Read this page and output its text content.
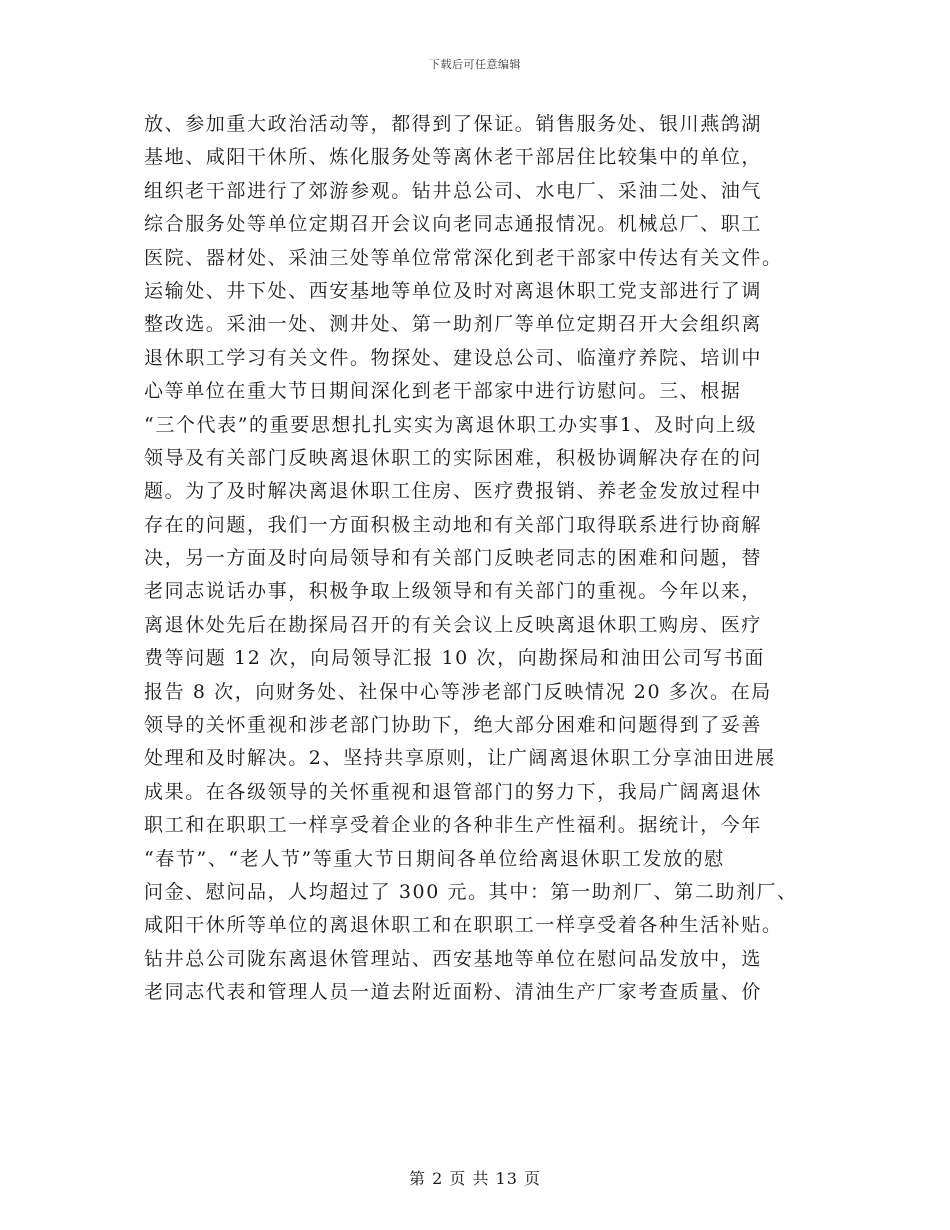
下载后可任意编辑
放、参加重大政治活动等，都得到了保证。销售服务处、银川燕鸽湖
基地、咸阳干休所、炼化服务处等离休老干部居住比较集中的单位，
组织老干部进行了郊游参观。钻井总公司、水电厂、采油二处、油气
综合服务处等单位定期召开会议向老同志通报情况。机械总厂、职工
医院、器材处、采油三处等单位常常深化到老干部家中传达有关文件。
运输处、井下处、西安基地等单位及时对离退休职工党支部进行了调
整改选。采油一处、测井处、第一助剂厂等单位定期召开大会组织离
退休职工学习有关文件。物探处、建设总公司、临潼疗养院、培训中
心等单位在重大节日期间深化到老干部家中进行访慰问。三、根据
“三个代表”的重要思想扎扎实实为离退休职工办实事1、及时向上级
领导及有关部门反映离退休职工的实际困难，积极协调解决存在的问
题。为了及时解决离退休职工住房、医疗费报销、养老金发放过程中
存在的问题，我们一方面积极主动地和有关部门取得联系进行协商解
决，另一方面及时向局领导和有关部门反映老同志的困难和问题，替
老同志说话办事，积极争取上级领导和有关部门的重视。今年以来，
离退休处先后在勘探局召开的有关会议上反映离退休职工购房、医疗
费等问题 12 次，向局领导汇报 10 次，向勘探局和油田公司写书面
报告 8 次，向财务处、社保中心等涉老部门反映情况 20 多次。在局
领导的关怀重视和涉老部门协助下，绝大部分困难和问题得到了妥善
处理和及时解决。2、坚持共享原则，让广阔离退休职工分享油田进展
成果。在各级领导的关怀重视和退管部门的努力下，我局广阔离退休
职工和在职职工一样享受着企业的各种非生产性福利。据统计，今年
“春节”、“老人节”等重大节日期间各单位给离退休职工发放的慰
问金、慰问品，人均超过了 300 元。其中：第一助剂厂、第二助剂厂、
咸阳干休所等单位的离退休职工和在职职工一样享受着各种生活补贴。
钻井总公司陇东离退休管理站、西安基地等单位在慰问品发放中，选
老同志代表和管理人员一道去附近面粉、清油生产厂家考查质量、价
第 2 页 共 13 页
